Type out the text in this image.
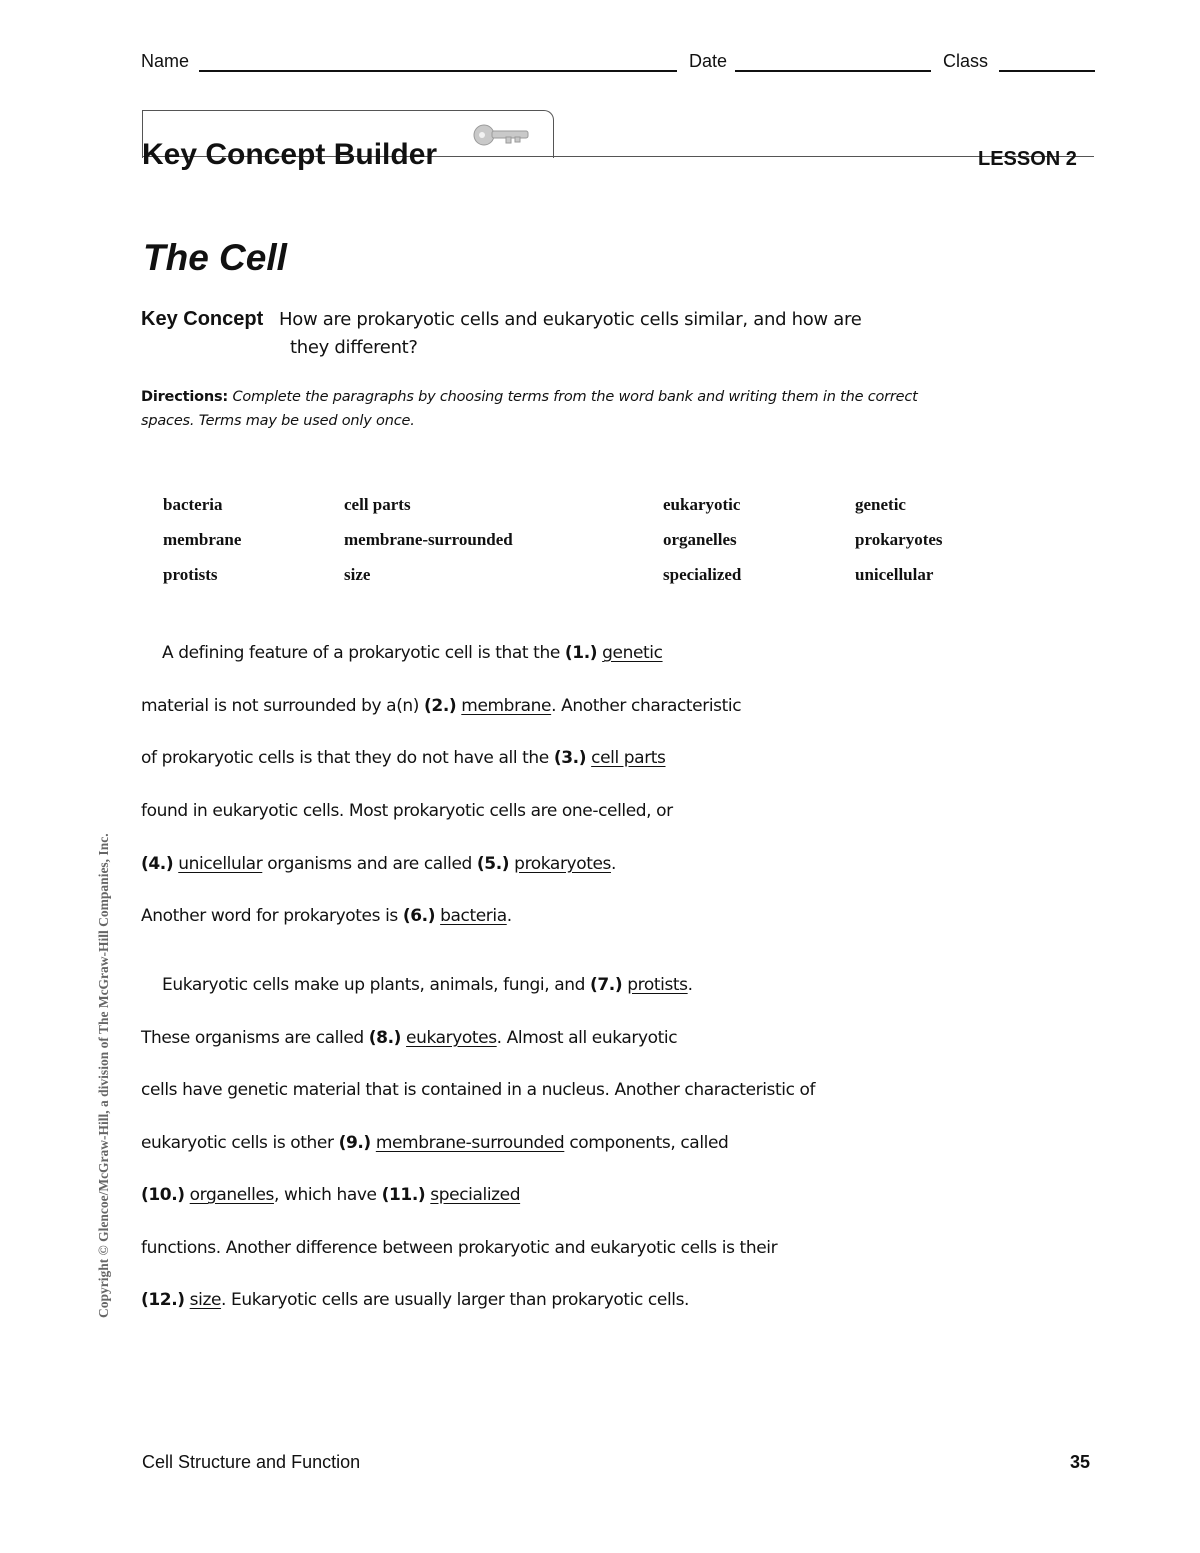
Name	Date	Class
Key Concept Builder	LESSON 2
The Cell
Key Concept How are prokaryotic cells and eukaryotic cells similar, and how are
they different?
Directions: Complete the paragraphs by choosing terms from the word bank and writing them in the correct
spaces. Terms may be used only once.
bacteria	cell parts	eukaryotic	genetic
membrane	membrane-surrounded	organelles	prokaryotes
protists	size	specialized	unicellular
A defining feature of a prokaryotic cell is that the (1.) genetic
material is not surrounded by a(n) (2.) membrane. Another characteristic
of prokaryotic cells is that they do not have all the (3.) cell parts
found in eukaryotic cells. Most prokaryotic cells are one-celled, or
(4.) unicellular organisms and are called (5.) prokaryotes.
Another word for prokaryotes is (6.) bacteria.
Eukaryotic cells make up plants, animals, fungi, and (7.) protists.
These organisms are called (8.) eukaryotes. Almost all eukaryotic
cells have genetic material that is contained in a nucleus. Another characteristic of
eukaryotic cells is other (9.) membrane-surrounded components, called
(10.) organelles, which have (11.) specialized
functions. Another difference between prokaryotic and eukaryotic cells is their
(12.) size. Eukaryotic cells are usually larger than prokaryotic cells.
Copyright © Glencoe/McGraw-Hill, a division of The McGraw-Hill Companies, Inc.
Cell Structure and Function	35
